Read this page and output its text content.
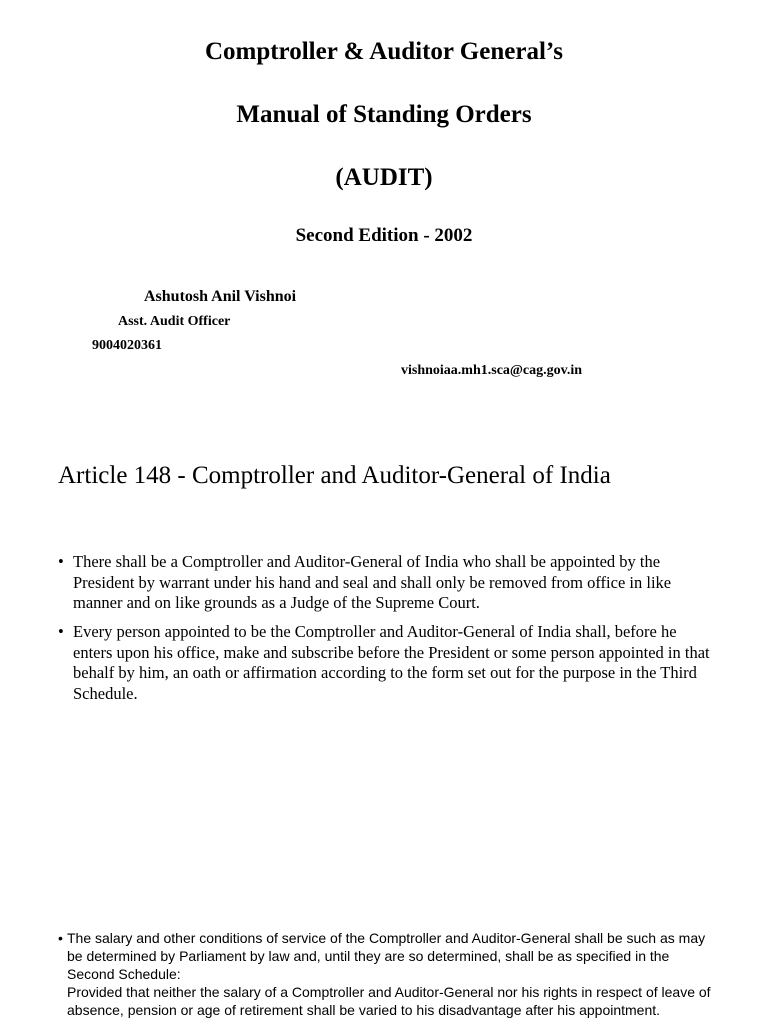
Comptroller & Auditor General’s
Manual of Standing Orders
(AUDIT)
Second Edition - 2002
Ashutosh Anil Vishnoi
Asst. Audit Officer
9004020361
vishnoiaa.mh1.sca@cag.gov.in
Article 148 - Comptroller and Auditor-General of India
• There shall be a Comptroller and Auditor-General of India who shall be appointed by the President by warrant under his hand and seal and shall only be removed from office in like manner and on like grounds as a Judge of the Supreme Court.
• Every person appointed to be the Comptroller and Auditor-General of India shall, before he enters upon his office, make and subscribe before the President or some person appointed in that behalf by him, an oath or affirmation according to the form set out for the purpose in the Third Schedule.
• The salary and other conditions of service of the Comptroller and Auditor-General shall be such as may be determined by Parliament by law and, until they are so determined, shall be as specified in the Second Schedule:
Provided that neither the salary of a Comptroller and Auditor-General nor his rights in respect of leave of absence, pension or age of retirement shall be varied to his disadvantage after his appointment.
